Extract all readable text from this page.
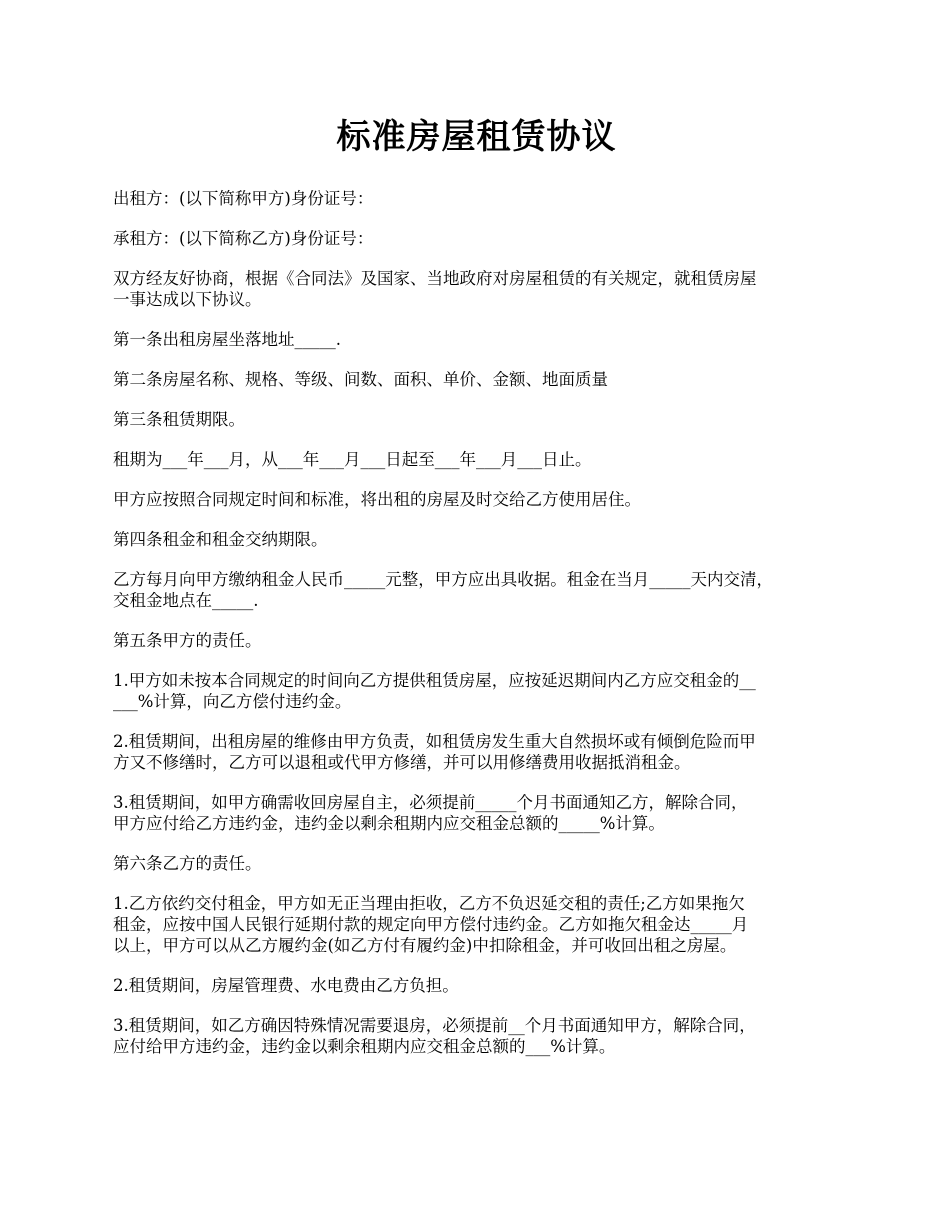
标准房屋租赁协议
出租方：(以下简称甲方)身份证号：
承租方：(以下简称乙方)身份证号：
双方经友好协商，根据《合同法》及国家、当地政府对房屋租赁的有关规定，就租赁房屋
一事达成以下协议。
第一条出租房屋坐落地址_____.
第二条房屋名称、规格、等级、间数、面积、单价、金额、地面质量
第三条租赁期限。
租期为___年___月，从___年___月___日起至___年___月___日止。
甲方应按照合同规定时间和标准，将出租的房屋及时交给乙方使用居住。
第四条租金和租金交纳期限。
乙方每月向甲方缴纳租金人民币_____元整，甲方应出具收据。租金在当月_____天内交清，
交租金地点在_____.
第五条甲方的责任。
1.甲方如未按本合同规定的时间向乙方提供租赁房屋，应按延迟期间内乙方应交租金的__
___%计算，向乙方偿付违约金。
2.租赁期间，出租房屋的维修由甲方负责，如租赁房发生重大自然损坏或有倾倒危险而甲
方又不修缮时，乙方可以退租或代甲方修缮，并可以用修缮费用收据抵消租金。
3.租赁期间，如甲方确需收回房屋自主，必须提前_____个月书面通知乙方，解除合同，
甲方应付给乙方违约金，违约金以剩余租期内应交租金总额的_____%计算。
第六条乙方的责任。
1.乙方依约交付租金，甲方如无正当理由拒收，乙方不负迟延交租的责任;乙方如果拖欠
租金，应按中国人民银行延期付款的规定向甲方偿付违约金。乙方如拖欠租金达_____月
以上，甲方可以从乙方履约金(如乙方付有履约金)中扣除租金，并可收回出租之房屋。
2.租赁期间，房屋管理费、水电费由乙方负担。
3.租赁期间，如乙方确因特殊情况需要退房，必须提前__个月书面通知甲方，解除合同，
应付给甲方违约金，违约金以剩余租期内应交租金总额的___%计算。
